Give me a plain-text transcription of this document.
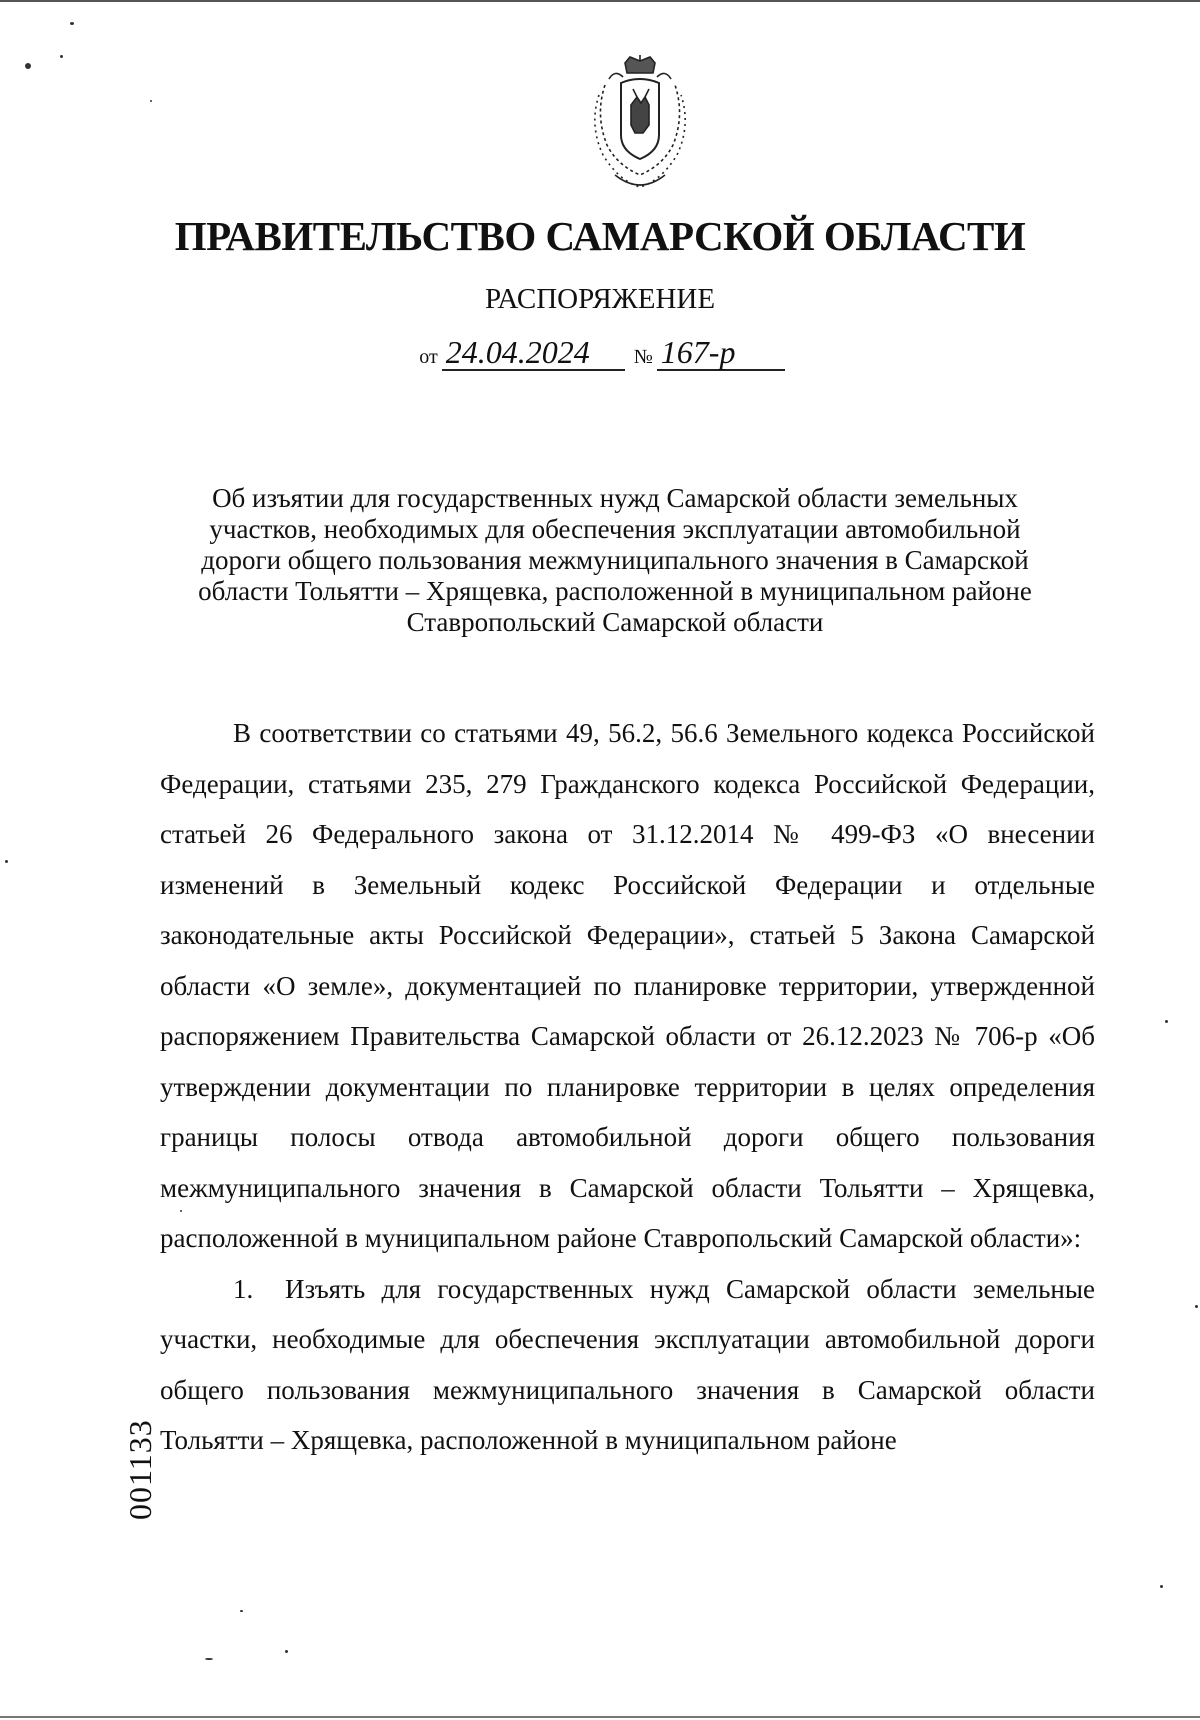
ПРАВИТЕЛЬСТВО САМАРСКОЙ ОБЛАСТИ
РАСПОРЯЖЕНИЕ
от 24.04.2024 № 167-р
Об изъятии для государственных нужд Самарской области земельных
участков, необходимых для обеспечения эксплуатации автомобильной
дороги общего пользования межмуниципального значения в Самарской
области Тольятти – Хрящевка, расположенной в муниципальном районе
Ставропольский Самарской области

В соответствии со статьями 49, 56.2, 56.6 Земельного кодекса Российской Федерации, статьями 235, 279 Гражданского кодекса Российской Федерации, статьей 26 Федерального закона от 31.12.2014 № 499-ФЗ «О внесении изменений в Земельный кодекс Российской Федерации и отдельные законодательные акты Российской Федерации», статьей 5 Закона Самарской области «О земле», документацией по планировке территории, утвержденной распоряжением Правительства Самарской области от 26.12.2023 № 706-р «Об утверждении документации по планировке территории в целях определения границы полосы отвода автомобильной дороги общего пользования межмуниципального значения в Самарской области Тольятти – Хрящевка, расположенной в муниципальном районе Ставропольский Самарской области»:

1. Изъять для государственных нужд Самарской области земельные участки, необходимые для обеспечения эксплуатации автомобильной дороги общего пользования межмуниципального значения в Самарской области Тольятти – Хрящевка, расположенной в муниципальном районе

001133
